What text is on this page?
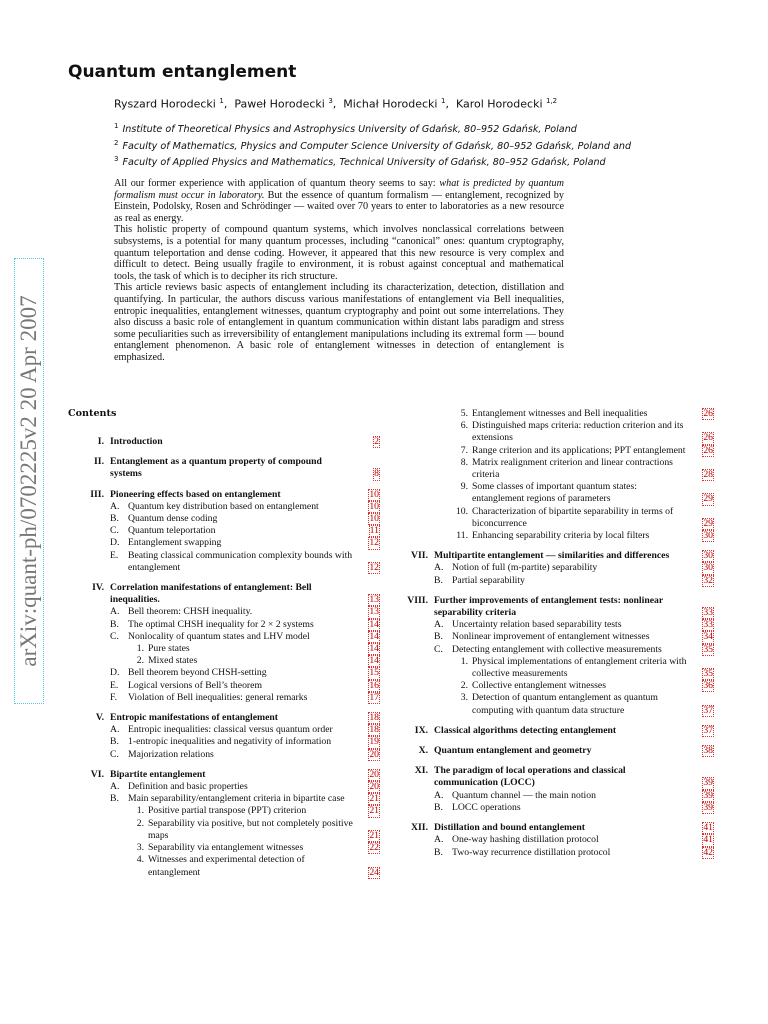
arXiv:quant-ph/0702225v2 20 Apr 2007
Quantum entanglement
Ryszard Horodecki $^1$,  Paweł Horodecki $^3$,  Michał Horodecki $^1$,  Karol Horodecki $^{1,2}$
$^1$ Institute of Theoretical Physics and Astrophysics University of Gdańsk, 80–952 Gdańsk, Poland
$^2$ Faculty of Mathematics, Physics and Computer Science University of Gdańsk, 80–952 Gdańsk, Poland and
$^3$ Faculty of Applied Physics and Mathematics, Technical University of Gdańsk, 80–952 Gdańsk, Poland

All our former experience with application of quantum theory seems to say: what is predicted by quantum formalism must occur in laboratory. But the essence of quantum formalism — entanglement, recognized by Einstein, Podolsky, Rosen and Schrödinger — waited over 70 years to enter to laboratories as a new resource as real as energy.

This holistic property of compound quantum systems, which involves nonclassical correlations between subsystems, is a potential for many quantum processes, including “canonical” ones: quantum cryptography, quantum teleportation and dense coding. However, it appeared that this new resource is very complex and difficult to detect. Being usually fragile to environment, it is robust against conceptual and mathematical tools, the task of which is to decipher its rich structure.

This article reviews basic aspects of entanglement including its characterization, detection, distillation and quantifying. In particular, the authors discuss various manifestations of entanglement via Bell inequalities, entropic inequalities, entanglement witnesses, quantum cryptography and point out some interrelations. They also discuss a basic role of entanglement in quantum communication within distant labs paradigm and stress some peculiarities such as irreversibility of entanglement manipulations including its extremal form — bound entanglement phenomenon. A basic role of entanglement witnesses in detection of entanglement is emphasized.

Contents
I. Introduction	2
II. Entanglement as a quantum property of compound systems	8
III. Pioneering effects based on entanglement	10
A. Quantum key distribution based on entanglement	10
B. Quantum dense coding	10
C. Quantum teleportation	11
D. Entanglement swapping	12
E. Beating classical communication complexity bounds with entanglement	12
IV. Correlation manifestations of entanglement: Bell inequalities.	13
A. Bell theorem: CHSH inequality.	13
B. The optimal CHSH inequality for 2 × 2 systems	14
C. Nonlocality of quantum states and LHV model	14
1. Pure states	14
2. Mixed states	14
D. Bell theorem beyond CHSH-setting	15
E. Logical versions of Bell’s theorem	16
F.	Violation of Bell inequalities: general remarks	17
V. Entropic manifestations of entanglement	18
A. Entropic inequalities: classical versus quantum order	18
B. 1-entropic inequalities and negativity of information	19
C. Majorization relations	20
VI. Bipartite entanglement	20
A. Definition and basic properties	20
B. Main separability/entanglement criteria in bipartite case	21
1. Positive partial transpose (PPT) criterion	21
2. Separability via positive, but not completely positive maps	21
3. Separability via entanglement witnesses	22
4. Witnesses and experimental detection of entanglement	24
5. Entanglement witnesses and Bell inequalities	26
6. Distinguished maps criteria: reduction criterion and its extensions	26
7. Range criterion and its applications; PPT entanglement 26
8. Matrix realignment criterion and linear contractions criteria	28
9. Some classes of important quantum states: entanglement regions of parameters	29
10. Characterization of bipartite separability in terms of biconcurrence	29
11. Enhancing separability criteria by local filters	30
VII. Multipartite entanglement — similarities and differences	30
A. Notion of full (m-partite) separability	30
B. Partial separability	32
VIII. Further improvements of entanglement tests: nonlinear separability criteria	33
A. Uncertainty relation based separability tests	33
B. Nonlinear improvement of entanglement witnesses	34
C. Detecting entanglement with collective measurements	35
1. Physical implementations of entanglement criteria with collective measurements	35
2. Collective entanglement witnesses	36
3. Detection of quantum entanglement as quantum computing with quantum data structure	37
IX. Classical algorithms detecting entanglement	37
X. Quantum entanglement and geometry	38
XI. The paradigm of local operations and classical communication (LOCC)	39
A. Quantum channel — the main notion	39
B. LOCC operations	39
XII. Distillation and bound entanglement	41
A. One-way hashing distillation protocol	41
B. Two-way recurrence distillation protocol	42
